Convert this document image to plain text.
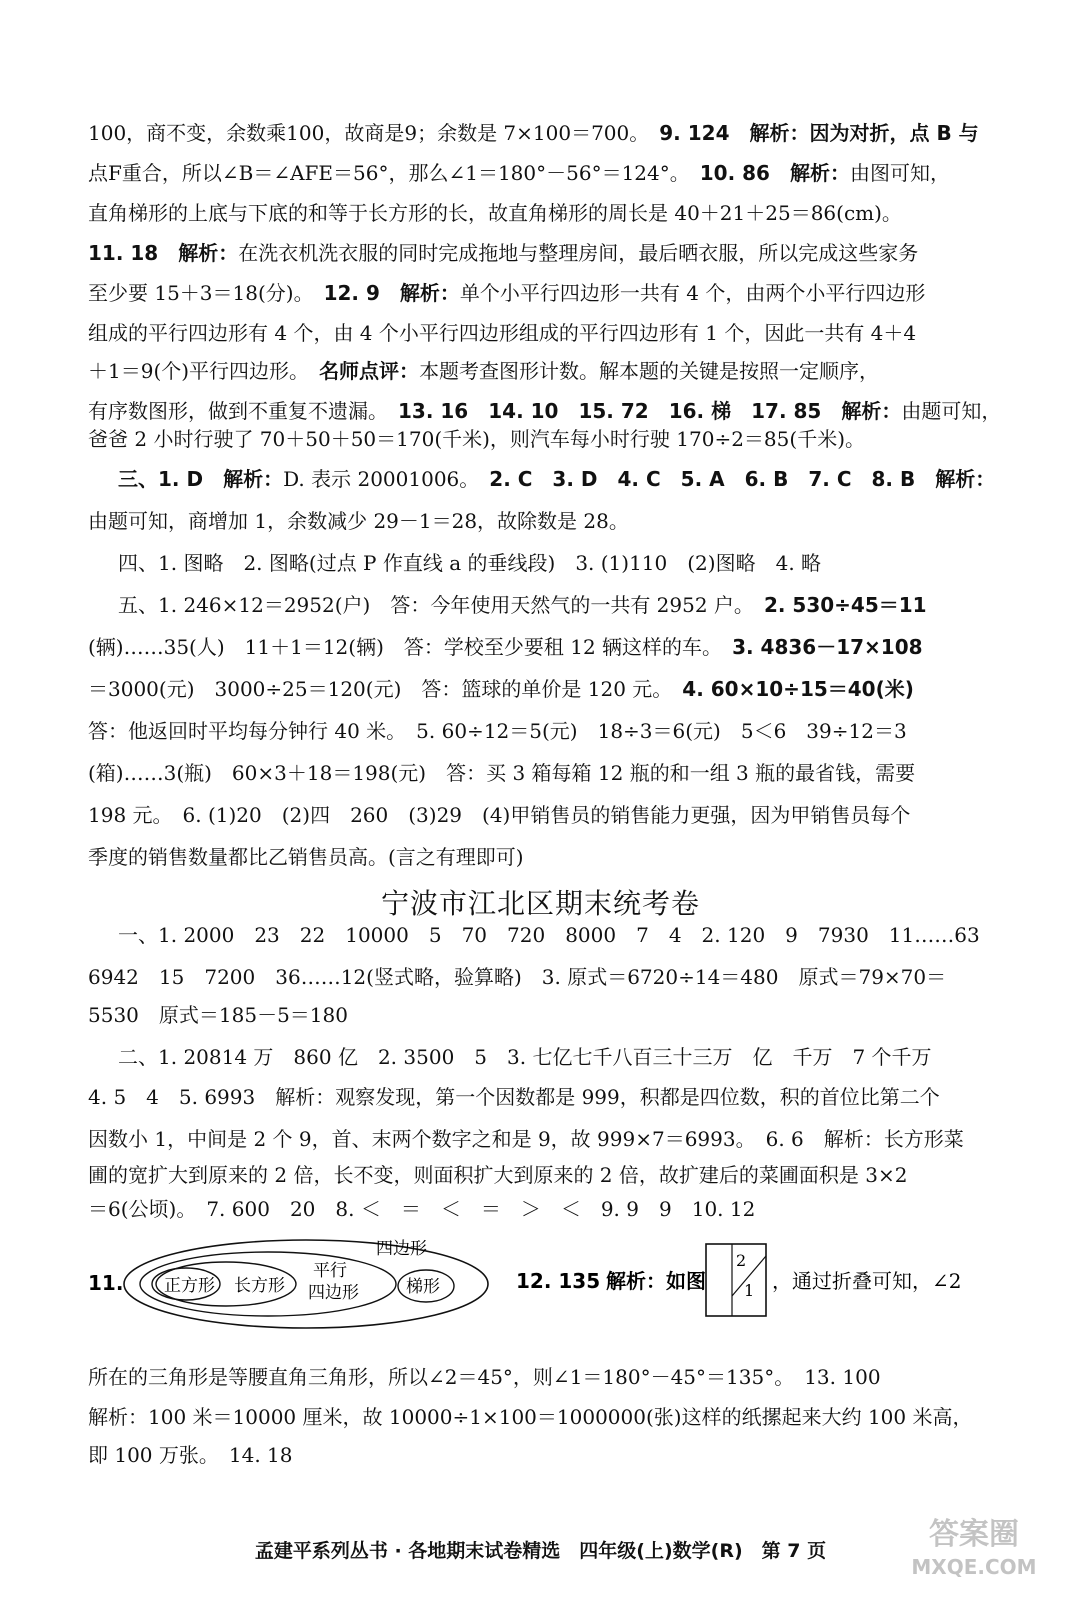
100，商不变，余数乘100，故商是9；余数是 7×100＝700。　 9. 124　 解析：因为对折，点 B 与
点F重合，所以∠B＝∠AFE＝56°，那么∠1＝180°－56°＝124°。　 10. 86　 解析：由图可知，
直角梯形的上底与下底的和等于长方形的长，故直角梯形的周长是 40＋21＋25＝86(cm)。
11. 18　 解析：在洗衣机洗衣服的同时完成拖地与整理房间，最后晒衣服，所以完成这些家务
至少要 15＋3＝18(分)。　 12. 9　 解析：单个小平行四边形一共有 4 个，由两个小平行四边形
组成的平行四边形有 4 个，由 4 个小平行四边形组成的平行四边形有 1 个，因此一共有 4＋4
＋1＝9(个)平行四边形。　 名师点评：本题考查图形计数。解本题的关键是按照一定顺序，
有序数图形，做到不重复不遗漏。　 13. 16　 14. 10　 15. 72　 16. 梯　 17. 85　 解析：由题可知，
爸爸 2 小时行驶了 70＋50＋50＝170(千米)，则汽车每小时行驶 170÷2＝85(千米)。
三、1. D　 解析：D. 表示 20001006。　 2. C　3. D　4. C　5. A　6. B　7. C　8. B　 解析：
由题可知，商增加 1，余数减少 29－1＝28，故除数是 28。
四、1. 图略　 2. 图略(过点 P 作直线 a 的垂线段)　 3. (1)110　(2)图略　 4. 略
五、1. 246×12＝2952(户)　答：今年使用天然气的一共有 2952 户。　 2. 530÷45＝11
(辆)……35(人)　11＋1＝12(辆)　答：学校至少要租 12 辆这样的车。　 3. 4836－17×108
＝3000(元)　3000÷25＝120(元)　答：篮球的单价是 120 元。　 4. 60×10÷15＝40(米)
答：他返回时平均每分钟行 40 米。　 5. 60÷12＝5(元)　18÷3＝6(元)　5＜6　39÷12＝3
(箱)……3(瓶)　60×3＋18＝198(元)　答：买 3 箱每箱 12 瓶的和一组 3 瓶的最省钱，需要
198 元。　 6. (1)20　(2)四　260　(3)29　(4)甲销售员的销售能力更强，因为甲销售员每个
季度的销售数量都比乙销售员高。(言之有理即可)
宁波市江北区期末统考卷
一、1. 2000　23　22　10000　5　70　720　8000　7　4　2. 120　9　7930　11……63
6942　15　7200　36……12(竖式略，验算略)　3. 原式＝6720÷14＝480　原式＝79×70＝
5530　原式＝185－5＝180
二、1. 20814 万　860 亿　2. 3500　5　3. 七亿七千八百三十三万　亿　千万　7 个千万
4. 5　4　5. 6993　解析：观察发现，第一个因数都是 999，积都是四位数，积的首位比第二个
因数小 1，中间是 2 个 9，首、末两个数字之和是 9，故 999×7＝6993。　6. 6　解析：长方形菜
圃的宽扩大到原来的 2 倍，长不变，则面积扩大到原来的 2 倍，故扩建后的菜圃面积是 3×2
＝6(公顷)。　7. 600　20　8. ＜　＝　＜　＝　＞　＜　9. 9　9　10. 12
11. 正方形 长方形
平行
四边形
四边形
梯形	12. 135 解析：如图
2
1 ，通过折叠可知，∠2
所在的三角形是等腰直角三角形，所以∠2＝45°，则∠1＝180°－45°＝135°。　13. 100
解析：100 米＝10000 厘米，故 10000÷1×100＝1000000(张)这样的纸摞起来大约 100 米高，
即 100 万张。　14. 18
孟建平系列丛书 · 各地期末试卷精选　四年级(上)数学(R)　第 7 页	答案圈
MXQE.COM
